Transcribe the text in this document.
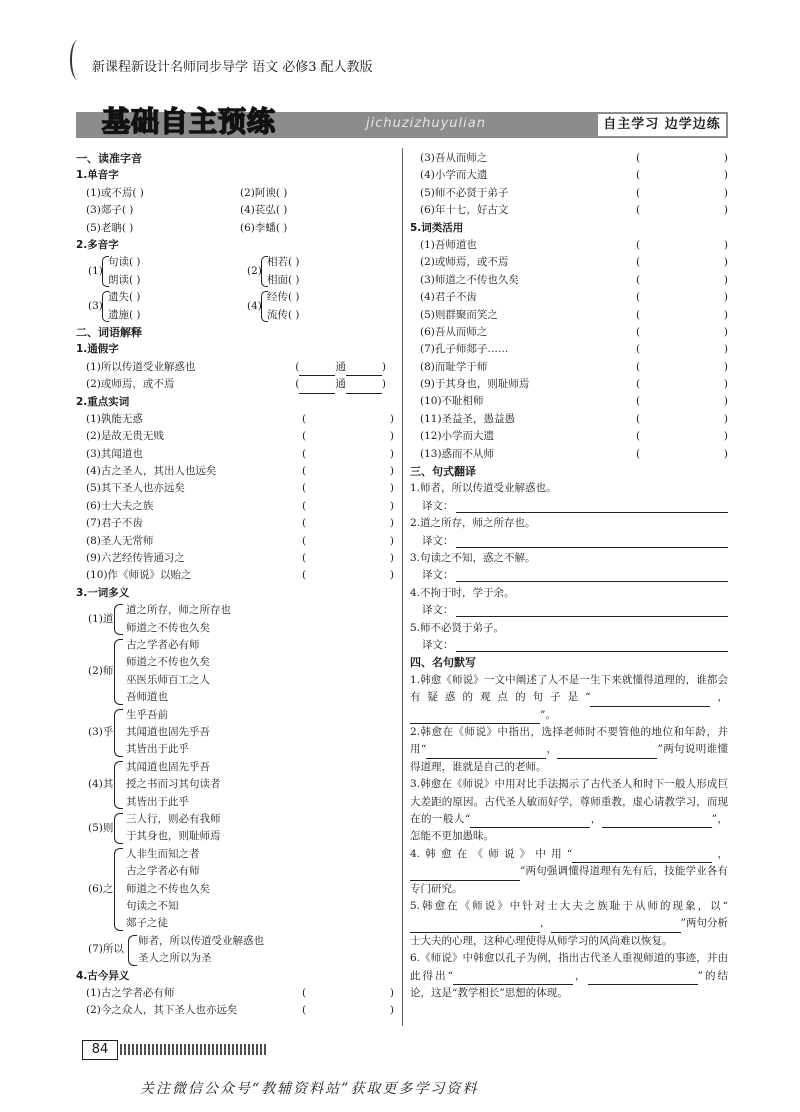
新课程新设计名师同步导学 语文 必修3 配人教版
基础自主预练	jichuzizhuyulian	自主学习 边学边练
一、读准字音
1.单音字
(1)或不焉( )	(2)阿谀( )
(3)郯子( )	(4)苌弘( )
(5)老聃( )	(6)李蟠( )
2.多音字
(1)
句读( )
朗读( )
(2)
相若( )
相面( )
(3)
遗失( )
遗施( )
(4)
经传( )
流传( )
二、词语解释
1.通假字
(1)所以传道受业解惑也	(	通	)
(2)或师焉，或不焉	(	通	)
2.重点实词
(1)孰能无惑
(2)是故无贵无贱
(3)其闻道也
(4)古之圣人，其出人也远矣
(5)其下圣人也亦远矣
(6)士大夫之族
(7)君子不齿
(8)圣人无常师
(9)六艺经传皆通习之
(10)作《师说》以贻之
3.一词多义
(1)道
道之所存，师之所存也
师道之不传也久矣
(2)师
古之学者必有师
师道之不传也久矣
巫医乐师百工之人
吾师道也
(3)乎
生乎吾前
其闻道也固先乎吾
其皆出于此乎
(4)其
其闻道也固先乎吾
授之书而习其句读者
其皆出于此乎
(5)则
三人行，则必有我师
于其身也，则耻师焉
(6)之
人非生而知之者
古之学者必有师
师道之不传也久矣
句读之不知
郯子之徒
(7)所以
师者，所以传道受业解惑也
圣人之所以为圣
4.古今异义
(1)古之学者必有师
(2)今之众人，其下圣人也亦远矣
(3)吾从而师之
(4)小学而大遗
(5)师不必贤于弟子
(6)年十七，好古文
5.词类活用
(1)吾师道也
(2)或师焉，或不焉
(3)师道之不传也久矣
(4)君子不齿
(5)则群聚而笑之
(6)吾从而师之
(7)孔子师郯子……
(8)而耻学于师
(9)于其身也，则耻师焉
(10)不耻相师
(11)圣益圣，愚益愚
(12)小学而大遗
(13)惑而不从师
三、句式翻译
1.师者，所以传道受业解惑也。
译文：
2.道之所存，师之所存也。
译文：
3.句读之不知，惑之不解。
译文：
4.不拘于时，学于余。
译文：
5.师不必贤于弟子。
译文：
四、名句默写
1.韩愈《师说》一文中阐述了人不是一生下来就懂得道理的，谁都会有疑惑的观点的句子是“	，”。
2.韩愈在《师说》中指出，选择老师时不要管他的地位和年龄，并用“	，	”两句说明谁懂得道理，谁就是自己的老师。
3.韩愈在《师说》中用对比手法揭示了古代圣人和时下一般人形成巨大差距的原因。古代圣人敏而好学，尊师重教，虚心请教学习，而现在的一般人“	，	”，怎能不更加愚昧。
4.韩愈在《师说》中用“	，”两句强调懂得道理有先有后，技能学业各有专门研究。
5.韩愈在《师说》中针对士大夫之族耻于从师的现象，以“，	”两句分析士大夫的心理，这种心理使得从师学习的风尚难以恢复。
6.《师说》中韩愈以孔子为例，指出古代圣人重视师道的事迹，并由此得出“	，	”的结论，这是“教学相长”思想的体现。
84
关注微信公众号“教辅资料站”获取更多学习资料
